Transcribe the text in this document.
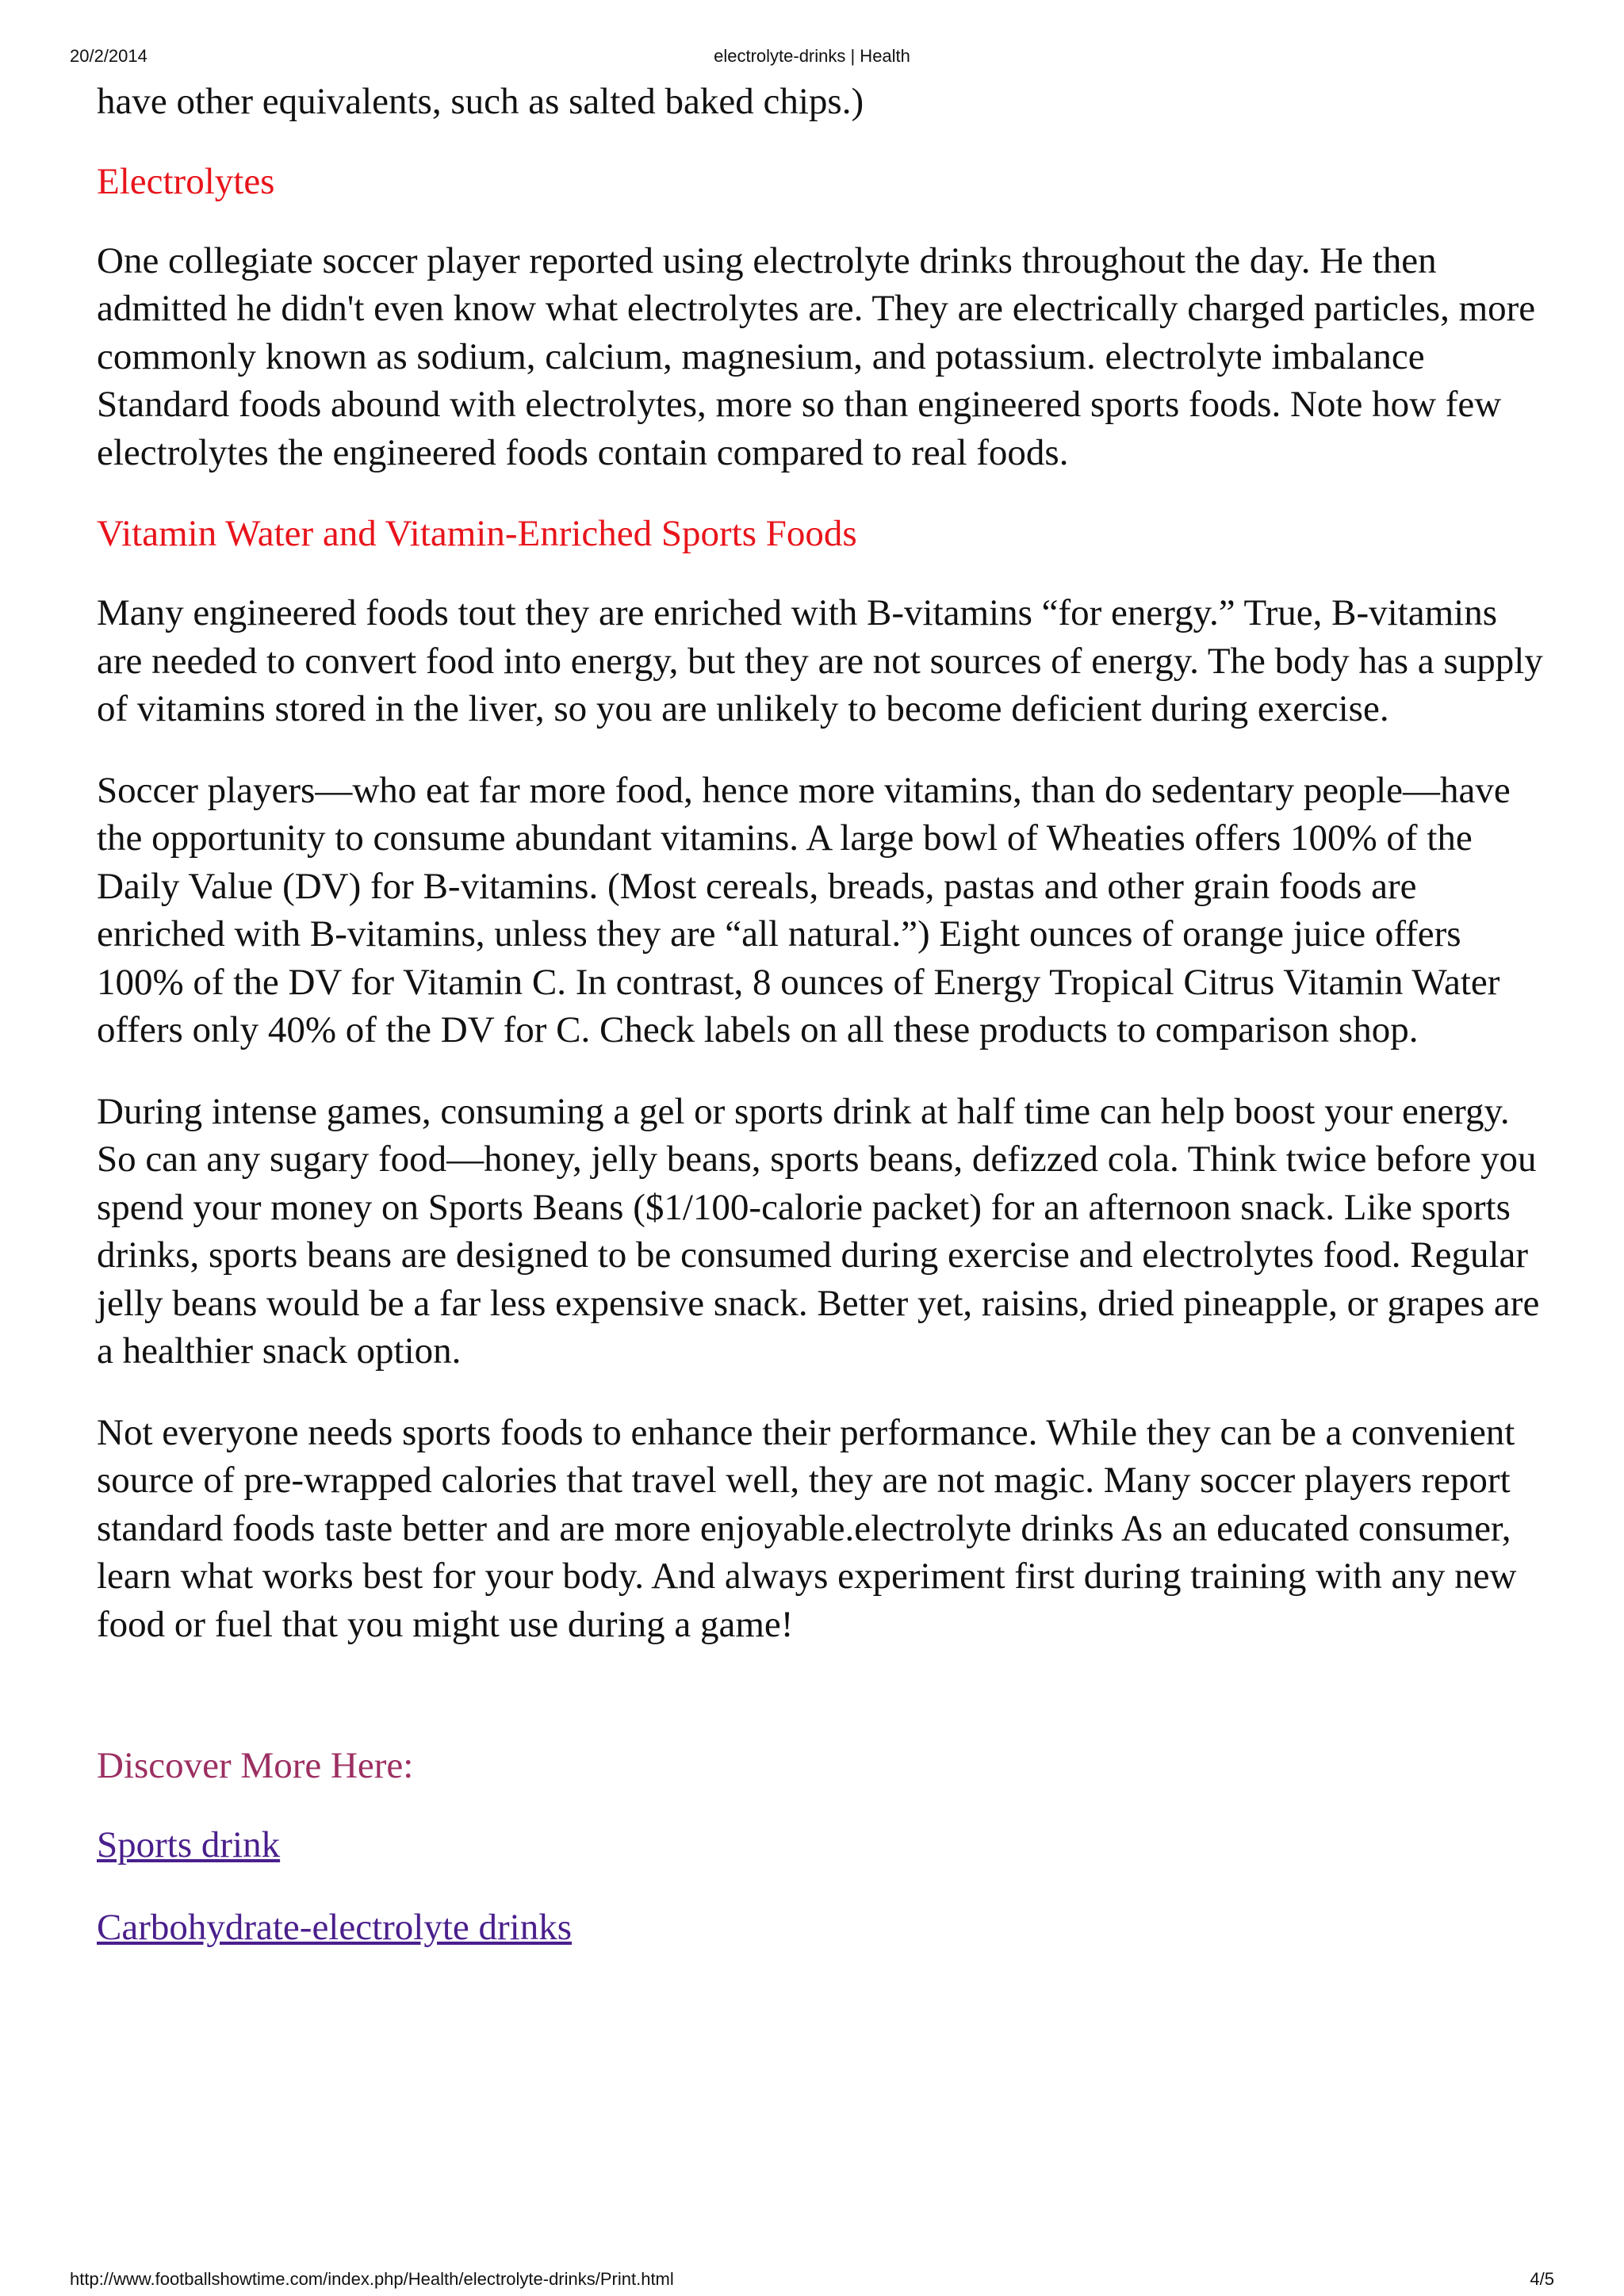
20/2/2014	electrolyte-drinks | Health

have other equivalents, such as salted baked chips.)

Electrolytes

One collegiate soccer player reported using electrolyte drinks throughout the day. He then admitted he didn't even know what electrolytes are. They are electrically charged particles, more commonly known as sodium, calcium, magnesium, and potassium. electrolyte imbalance Standard foods abound with electrolytes, more so than engineered sports foods. Note how few electrolytes the engineered foods contain compared to real foods.

Vitamin Water and Vitamin-Enriched Sports Foods

Many engineered foods tout they are enriched with B-vitamins “for energy.” True, B-vitamins are needed to convert food into energy, but they are not sources of energy. The body has a supply of vitamins stored in the liver, so you are unlikely to become deficient during exercise.

Soccer players—who eat far more food, hence more vitamins, than do sedentary people—have the opportunity to consume abundant vitamins. A large bowl of Wheaties offers 100% of the Daily Value (DV) for B-vitamins. (Most cereals, breads, pastas and other grain foods are enriched with B-vitamins, unless they are “all natural.”) Eight ounces of orange juice offers 100% of the DV for Vitamin C. In contrast, 8 ounces of Energy Tropical Citrus Vitamin Water offers only 40% of the DV for C. Check labels on all these products to comparison shop.

During intense games, consuming a gel or sports drink at half time can help boost your energy. So can any sugary food—honey, jelly beans, sports beans, defizzed cola. Think twice before you spend your money on Sports Beans ($1/100-calorie packet) for an afternoon snack. Like sports drinks, sports beans are designed to be consumed during exercise and electrolytes food. Regular jelly beans would be a far less expensive snack. Better yet, raisins, dried pineapple, or grapes are a healthier snack option.

Not everyone needs sports foods to enhance their performance. While they can be a convenient source of pre-wrapped calories that travel well, they are not magic. Many soccer players report standard foods taste better and are more enjoyable.electrolyte drinks As an educated consumer, learn what works best for your body. And always experiment first during training with any new food or fuel that you might use during a game!

Discover More Here:
Sports drink
Carbohydrate-electrolyte drinks
http://www.footballshowtime.com/index.php/Health/electrolyte-drinks/Print.html	4/5
